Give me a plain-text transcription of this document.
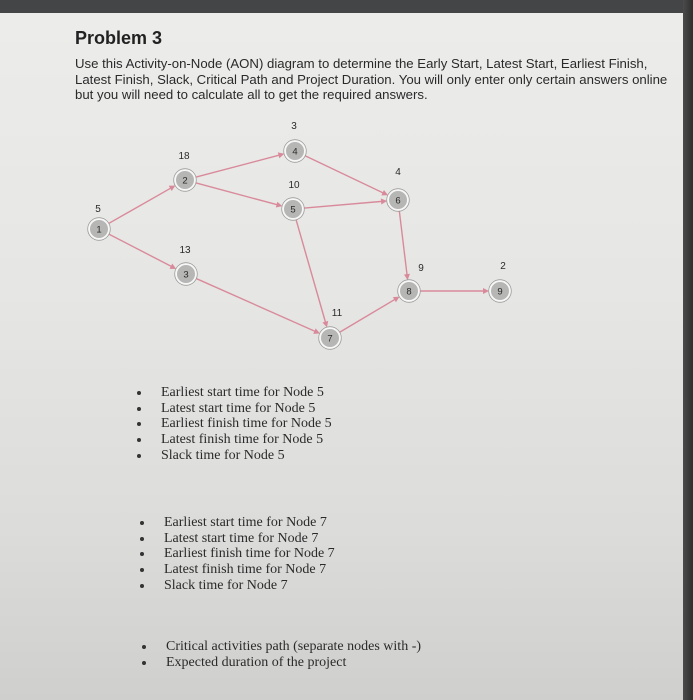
Problem 3
Use this Activity-on-Node (AON) diagram to determine the Early Start, Latest Start, Earliest Finish, Latest Finish, Slack, Critical Path and Project Duration. You will only enter only certain answers online but you will need to calculate all to get the required answers.
1
5
2
18
3
13
4
3
5
10
6
4
7
11
8
9
9
2
Earliest start time for Node 5
Latest start time for Node 5
Earliest finish time for Node 5
Latest finish time for Node 5
Slack time for Node 5
Earliest start time for Node 7
Latest start time for Node 7
Earliest finish time for Node 7
Latest finish time for Node 7
Slack time for Node 7
Critical activities path (separate nodes with -)
Expected duration of the project
